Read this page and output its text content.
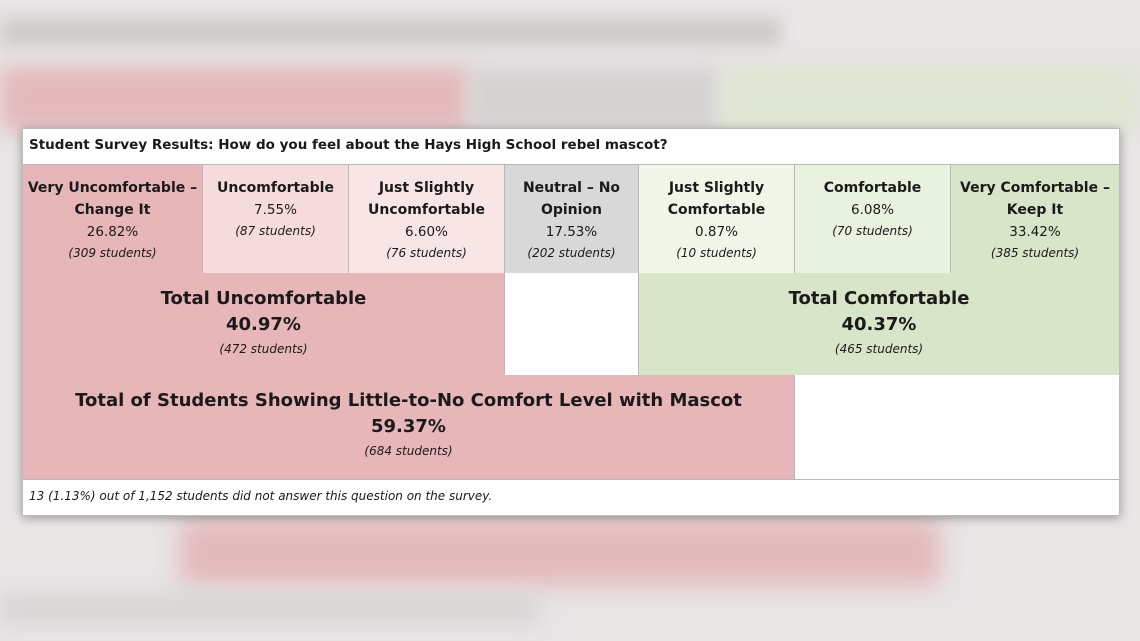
Student Survey Results: How do you feel about the Hays High School rebel mascot?
Very Uncomfortable – Change It
26.82%
(309 students)
Uncomfortable
7.55%
(87 students)
Just Slightly Uncomfortable
6.60%
(76 students)
Neutral – No Opinion
17.53%
(202 students)
Just Slightly Comfortable
0.87%
(10 students)
Comfortable
6.08%
(70 students)
Very Comfortable – Keep It
33.42%
(385 students)
Total Uncomfortable
40.97%
(472 students)
Total Comfortable
40.37%
(465 students)
Total of Students Showing Little-to-No Comfort Level with Mascot
59.37%
(684 students)
13 (1.13%) out of 1,152 students did not answer this question on the survey.
